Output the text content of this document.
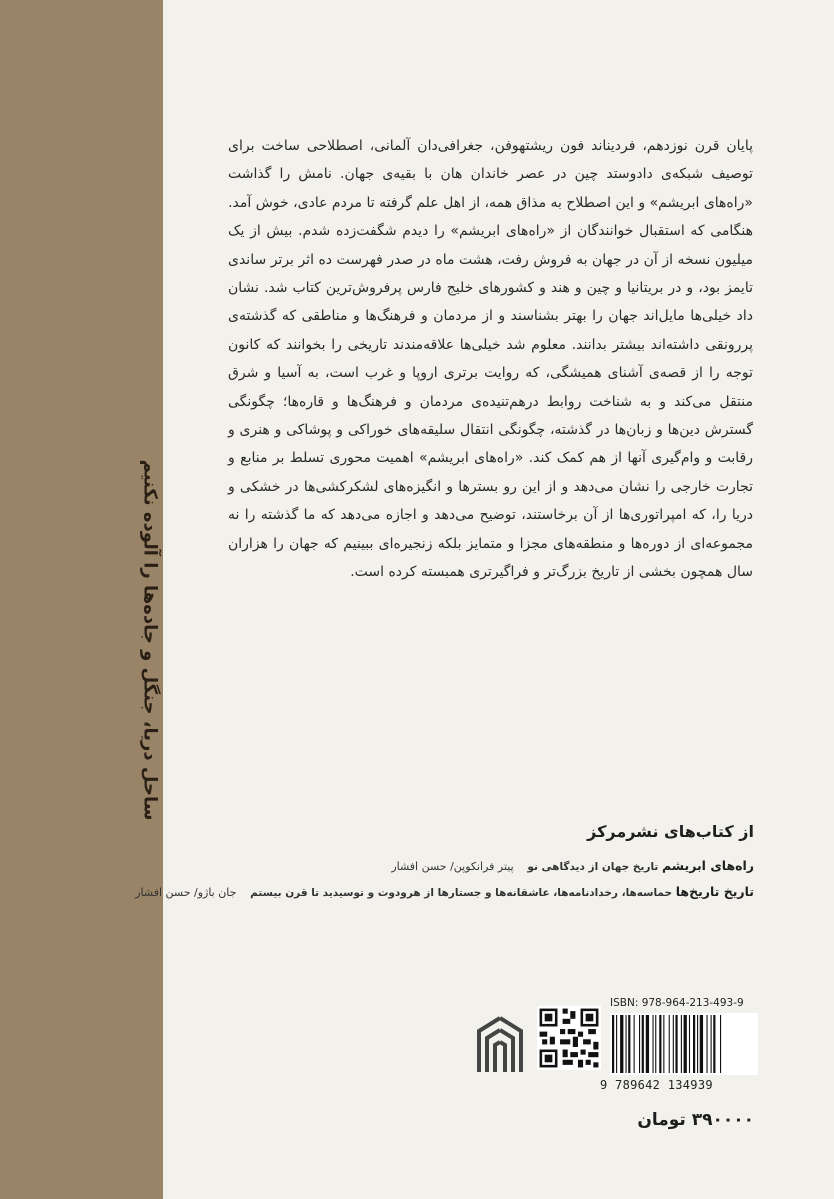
ساحل دریا، جنگل و جاده‌ها را آلوده نکنیم

پایان قرن نوزدهم، فردیناند فون ریشتهوفن، جغرافی‌دان آلمانی، اصطلاحی ساخت برای توصیف شبکه‌ی دادوستد چین در عصر خاندان هان با بقیه‌ی جهان. نامش را گذاشت «راه‌های ابریشم» و این اصطلاح به مذاق همه، از اهل علم گرفته تا مردم عادی، خوش آمد.

هنگامی که استقبال خوانندگان از «راه‌های ابریشم» را دیدم شگفت‌زده شدم. بیش از یک میلیون نسخه از آن در جهان به فروش رفت، هشت ماه در صدر فهرست ده اثر برتر ساندی تایمز بود، و در بریتانیا و چین و هند و کشورهای خلیج فارس پرفروش‌ترین کتاب شد. نشان داد خیلی‌ها مایل‌اند جهان را بهتر بشناسند و از مردمان و فرهنگ‌ها و مناطقی که گذشته‌ی پررونقی داشته‌اند بیشتر بدانند. معلوم شد خیلی‌ها علاقه‌مندند تاریخی را بخوانند که کانون توجه را از قصه‌ی آشنای همیشگی، که روایت برتری اروپا و غرب است، به آسیا و شرق منتقل می‌کند و به شناخت روابط درهم‌تنیده‌ی مردمان و فرهنگ‌ها و قاره‌ها؛ چگونگی گسترش دین‌ها و زبان‌ها در گذشته، چگونگی انتقال سلیقه‌های خوراکی و پوشاکی و هنری و رقابت و وام‌گیری آنها از هم کمک کند. «راه‌های ابریشم» اهمیت محوری تسلط بر منابع و تجارت خارجی را نشان می‌دهد و از این رو بسترها و انگیزه‌های لشکرکشی‌ها در خشکی و دریا را، که امپراتوری‌ها از آن برخاستند، توضیح می‌دهد و اجازه می‌دهد که ما گذشته را نه مجموعه‌ای از دوره‌ها و منطقه‌های مجزا و متمایز بلکه زنجیره‌ای ببینیم که جهان را هزاران سال همچون بخشی از تاریخ بزرگ‌تر و فراگیرتری همبسته کرده است.

از کتاب‌های نشرمرکز
راه‌های ابریشم تاریخ جهان از دیدگاهی نو پیتر فرانکوپن/ حسن افشار
تاریخ تاریخ‌ها حماسه‌ها، رخدادنامه‌ها، عاشقانه‌ها و جستارها از هرودوت و توسیدید تا قرن بیستم جان باژو/ حسن افشار
ISBN: 978-964-213-493-9
9 789642 134939
۳۹۰۰۰۰ تومان
